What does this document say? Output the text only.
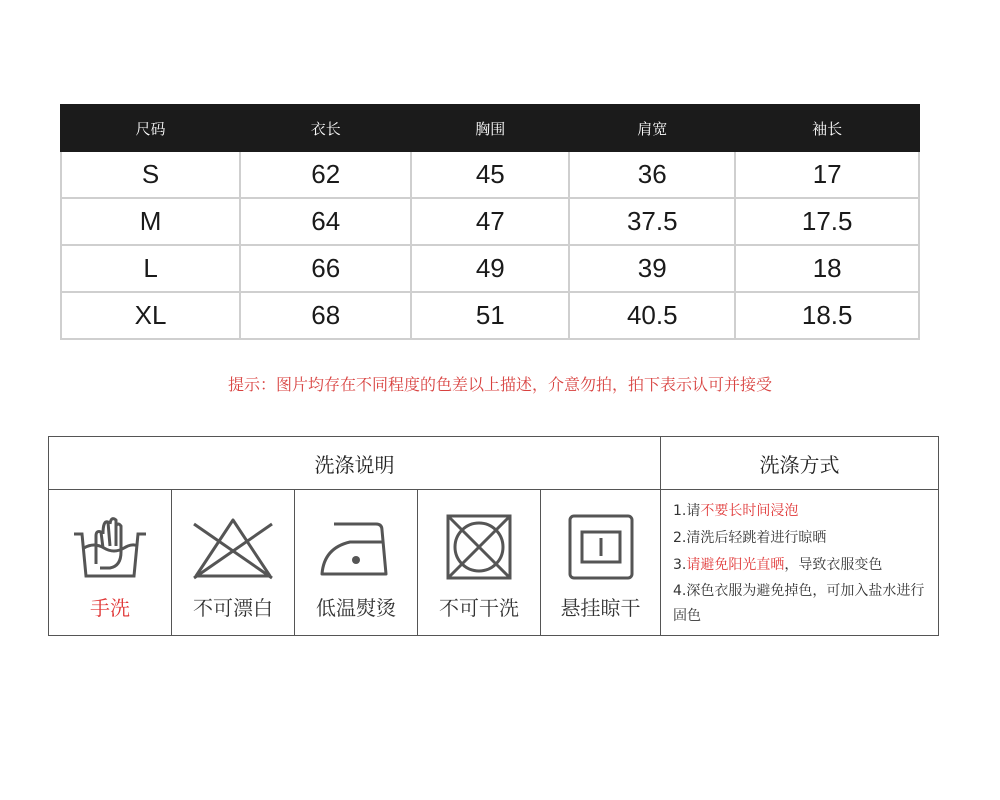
尺码	衣长	胸围	肩宽	袖长
S	62	45	36	17
M	64	47	37.5	17.5
L	66	49	39	18
XL	68	51	40.5	18.5
提示：图片均存在不同程度的色差以上描述，介意勿拍，拍下表示认可并接受
洗涤说明	洗涤方式
手洗	不可漂白	低温熨烫	不可干洗	悬挂晾干
1.请不要长时间浸泡
2.清洗后轻跳着进行晾晒
3.请避免阳光直晒，导致衣服变色
4.深色衣服为避免掉色，可加入盐水进行固色
